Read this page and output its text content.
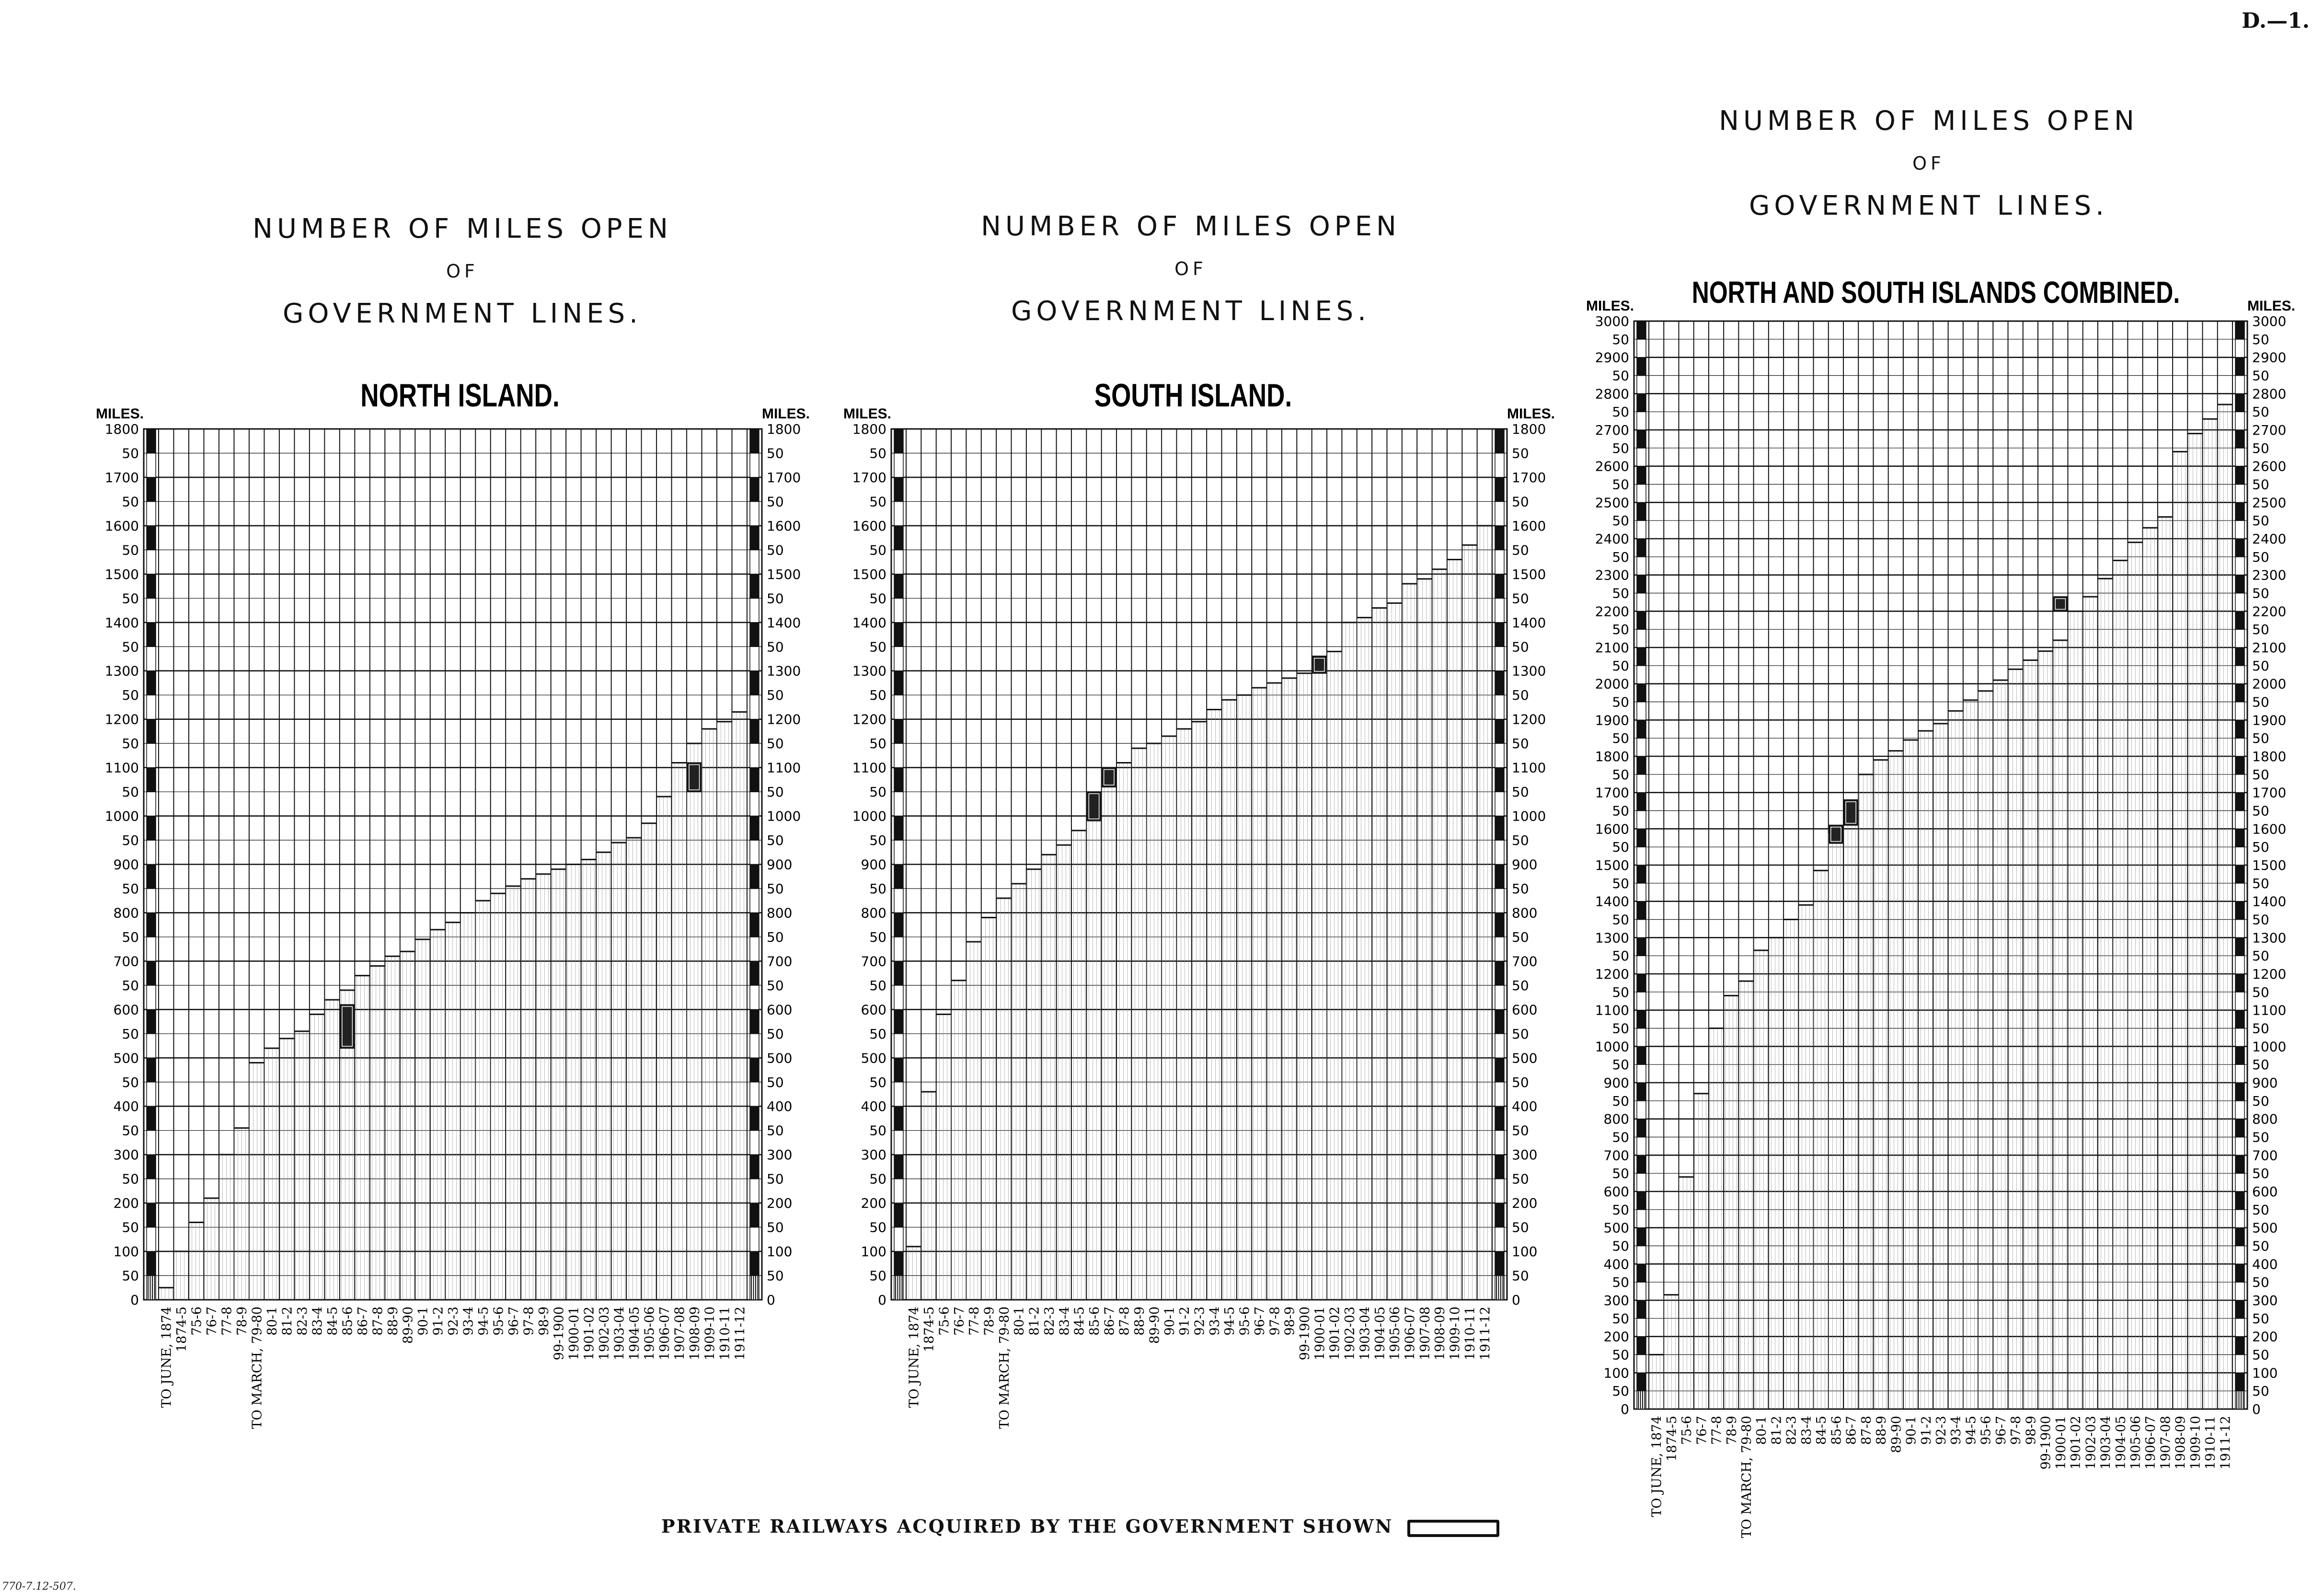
D.—1.
NUMBER OF MILES OPEN
OF
GOVERNMENT LINES.
NUMBER OF MILES OPEN
OF
GOVERNMENT LINES.
NUMBER OF MILES OPEN
OF
GOVERNMENT LINES.
NORTH ISLAND.
MILES.	MILES.
0	0
50	50
100	100
50	50
200	200
50	50
300	300
50	50
400	400
50	50
500	500
50	50
600	600
50	50
700	700
50	50
800	800
50	50
900	900
50	50
1000	1000
50	50
1100	1100
50	50
1200	1200
50	50
1300	1300
50	50
1400	1400
50	50
1500	1500
50	50
1600	1600
50	50
1700	1700
50	50
1800	1800
TO JUNE, 1874 1874-5 75-6 76-7 77-8 78-9 TO MARCH, 79-80 80-1 81-2 82-3 83-4 84-5 85-6 86-7 87-8 88-9 89-90 90-1 91-2 92-3 93-4 94-5 95-6 96-7 97-8 98-9 99-1900 1900-01 1901-02 1902-03 1903-04 1904-05 1905-06 1906-07 1907-08 1908-09 1909-10 1910-11 1911-12
SOUTH ISLAND.
MILES.	MILES.
0	0
50	50
100	100
50	50
200	200
50	50
300	300
50	50
400	400
50	50
500	500
50	50
600	600
50	50
700	700
50	50
800	800
50	50
900	900
50	50
1000	1000
50	50
1100	1100
50	50
1200	1200
50	50
1300	1300
50	50
1400	1400
50	50
1500	1500
50	50
1600	1600
50	50
1700	1700
50	50
1800	1800
TO JUNE, 1874 1874-5 75-6 76-7 77-8 78-9 TO MARCH, 79-80 80-1 81-2 82-3 83-4 84-5 85-6 86-7 87-8 88-9 89-90 90-1 91-2 92-3 93-4 94-5 95-6 96-7 97-8 98-9 99-1900 1900-01 1901-02 1902-03 1903-04 1904-05 1905-06 1906-07 1907-08 1908-09 1909-10 1910-11 1911-12
NORTH AND SOUTH ISLANDS COMBINED.
MILES.	MILES.
0	0
50	50
100	100
50	50
200	200
50	50
300	300
50	50
400	400
50	50
500	500
50	50
600	600
50	50
700	700
50	50
800	800
50	50
900	900
50	50
1000	1000
50	50
1100	1100
50	50
1200	1200
50	50
1300	1300
50	50
1400	1400
50	50
1500	1500
50	50
1600	1600
50	50
1700	1700
50	50
1800	1800
50	50
1900	1900
50	50
2000	2000
50	50
2100	2100
50	50
2200	2200
50	50
2300	2300
50	50
2400	2400
50	50
2500	2500
50	50
2600	2600
50	50
2700	2700
50	50
2800	2800
50	50
2900	2900
50	50
3000	3000
TO JUNE, 1874 1874-5 75-6 76-7 77-8 78-9 TO MARCH, 79-80 80-1 81-2 82-3 83-4 84-5 85-6 86-7 87-8 88-9 89-90 90-1 91-2 92-3 93-4 94-5 95-6 96-7 97-8 98-9 99-1900 1900-01 1901-02 1902-03 1903-04 1904-05 1905-06 1906-07 1907-08 1908-09 1909-10 1910-11 1911-12
PRIVATE RAILWAYS ACQUIRED BY THE GOVERNMENT SHOWN
770-7.12-507.
